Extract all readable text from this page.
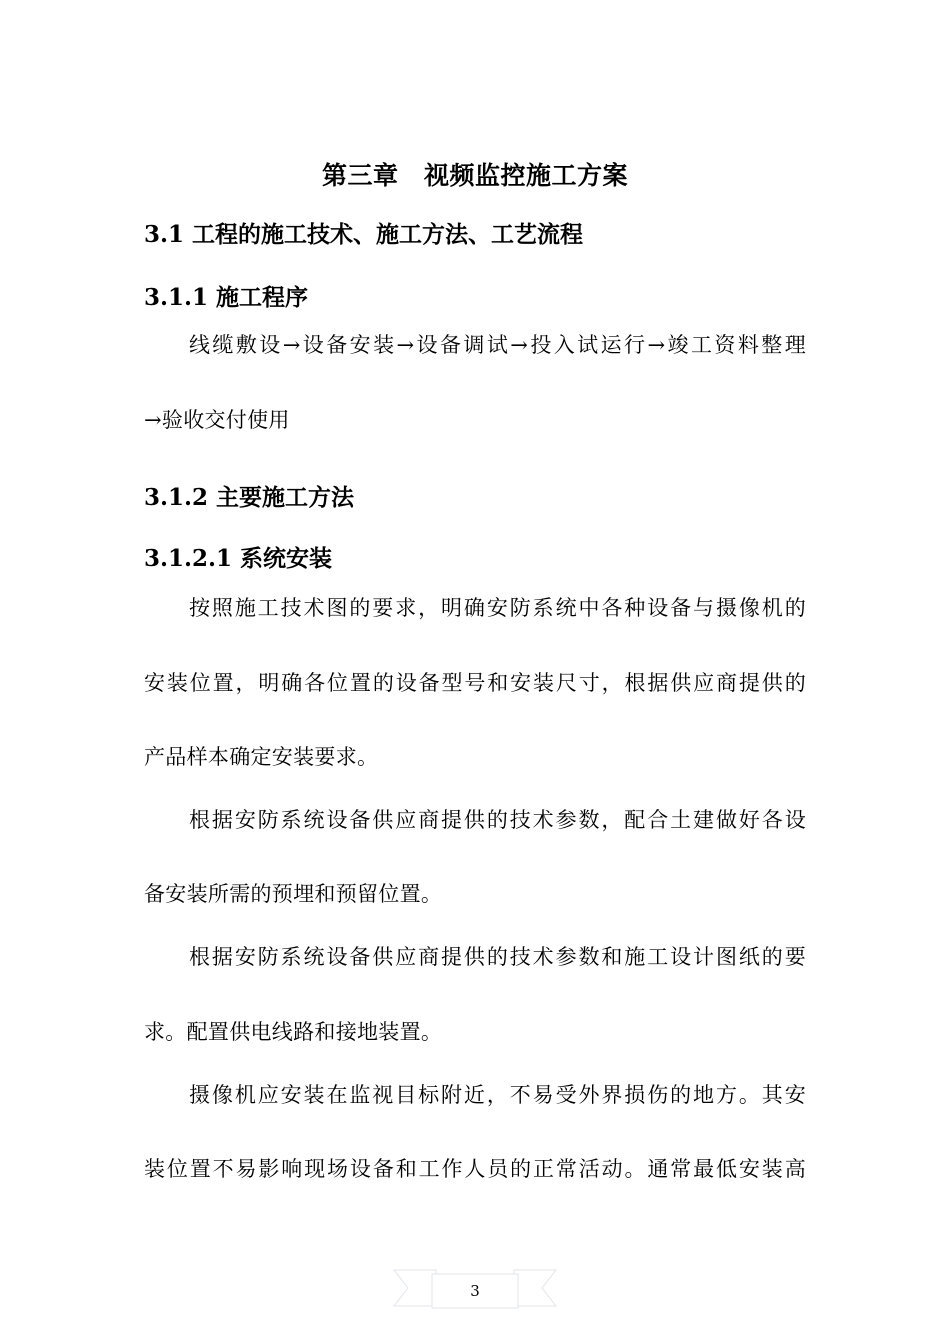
第三章　视频监控施工方案
3.1 工程的施工技术、施工方法、工艺流程
3.1.1 施工程序
线缆敷设→设备安装→设备调试→投入试运行→竣工资料整理
→验收交付使用
3.1.2 主要施工方法
3.1.2.1 系统安装
按照施工技术图的要求，明确安防系统中各种设备与摄像机的
安装位置，明确各位置的设备型号和安装尺寸，根据供应商提供的
产品样本确定安装要求。
根据安防系统设备供应商提供的技术参数，配合土建做好各设
备安装所需的预埋和预留位置。
根据安防系统设备供应商提供的技术参数和施工设计图纸的要
求。配置供电线路和接地装置。
摄像机应安装在监视目标附近，不易受外界损伤的地方。其安
装位置不易影响现场设备和工作人员的正常活动。通常最低安装高
3
